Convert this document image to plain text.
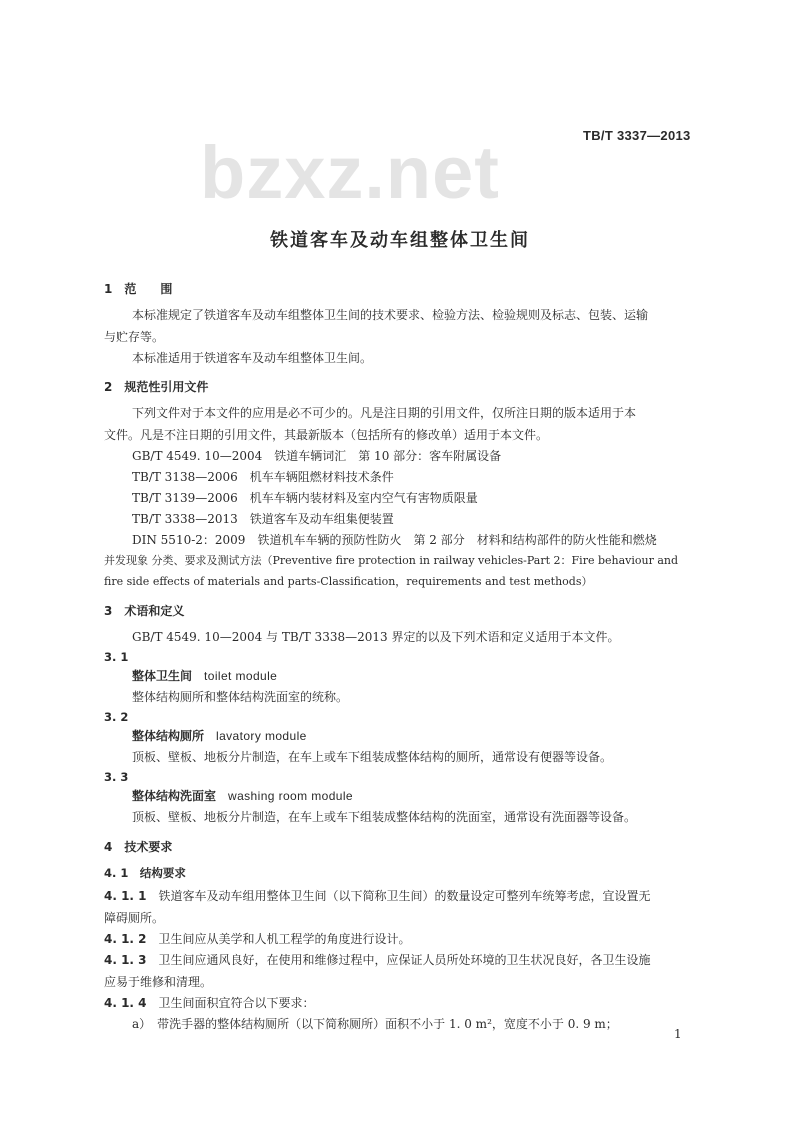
bzxz.net	TB/T 3337—2013
铁道客车及动车组整体卫生间
1　范　　围
本标准规定了铁道客车及动车组整体卫生间的技术要求、检验方法、检验规则及标志、包装、运输
与贮存等。
本标准适用于铁道客车及动车组整体卫生间。
2　规范性引用文件
下列文件对于本文件的应用是必不可少的。凡是注日期的引用文件，仅所注日期的版本适用于本
文件。凡是不注日期的引用文件，其最新版本（包括所有的修改单）适用于本文件。
GB/T 4549. 10—2004　铁道车辆词汇　第 10 部分：客车附属设备
TB/T 3138—2006　机车车辆阻燃材料技术条件
TB/T 3139—2006　机车车辆内装材料及室内空气有害物质限量
TB/T 3338—2013　铁道客车及动车组集便装置
DIN 5510-2：2009　铁道机车车辆的预防性防火　第 2 部分　材料和结构部件的防火性能和燃烧
并发现象 分类、要求及测试方法（Preventive fire protection in railway vehicles-Part 2：Fire behaviour and
fire side effects of materials and parts-Classification，requirements and test methods）
3　术语和定义
GB/T 4549. 10—2004 与 TB/T 3338—2013 界定的以及下列术语和定义适用于本文件。
3. 1
整体卫生间 toilet module
整体结构厕所和整体结构洗面室的统称。
3. 2
整体结构厕所 lavatory module
顶板、壁板、地板分片制造，在车上或车下组装成整体结构的厕所，通常设有便器等设备。
3. 3
整体结构洗面室 washing room module
顶板、壁板、地板分片制造，在车上或车下组装成整体结构的洗面室，通常设有洗面器等设备。
4　技术要求
4. 1　结构要求
4. 1. 1 铁道客车及动车组用整体卫生间（以下简称卫生间）的数量设定可整列车统筹考虑，宜设置无
障碍厕所。
4. 1. 2 卫生间应从美学和人机工程学的角度进行设计。
4. 1. 3 卫生间应通风良好，在使用和维修过程中，应保证人员所处环境的卫生状况良好，各卫生设施
应易于维修和清理。
4. 1. 4 卫生间面积宜符合以下要求：
a）　带洗手器的整体结构厕所（以下简称厕所）面积不小于 1. 0 m²，宽度不小于 0. 9 m；
1
